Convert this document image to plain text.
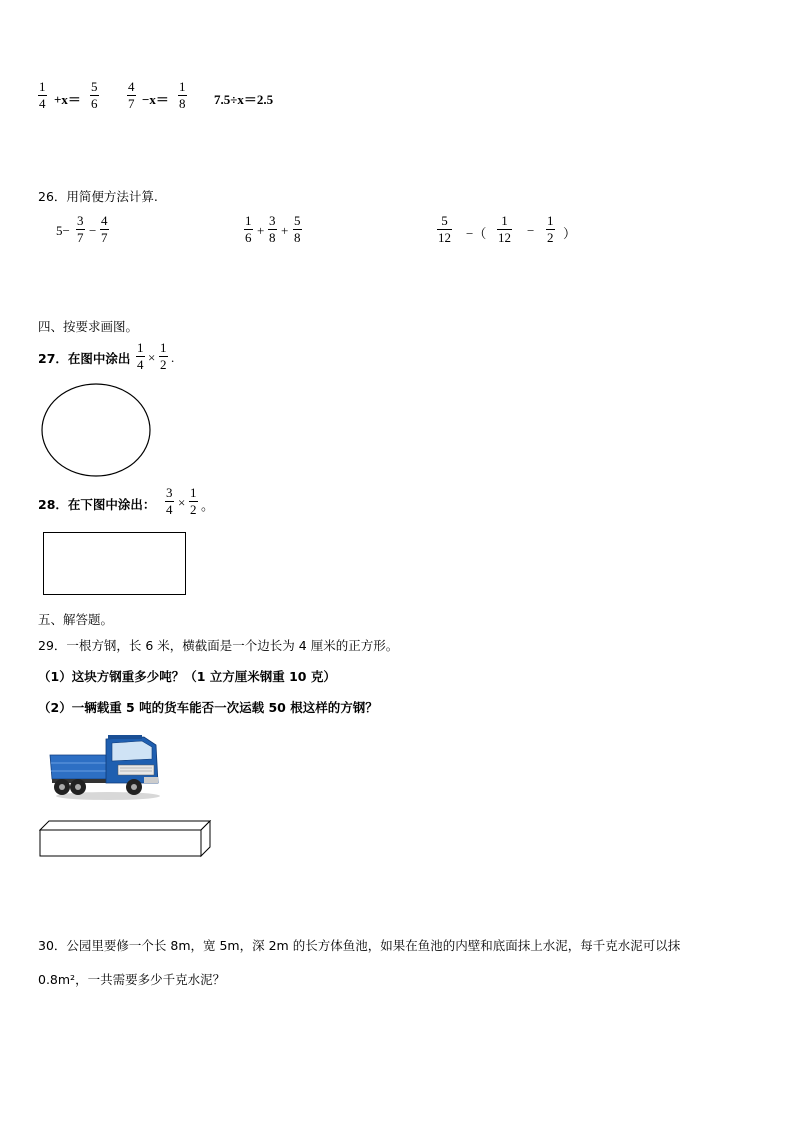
1
4 +x＝
5
6
4
7 −x＝
1
8 7.5÷x＝2.5
26．用简便方法计算.
5−
3
7 −
4
7
1
6 +
3
8 +
5
8
5
12 −（
1
12 −
1
2 ）
四、按要求画图。
27．在图中涂出
1
4 ×
1
2 .
28．在下图中涂出：
3
4 ×
1
2 。
五、解答题。
29．一根方钢，长 6 米，横截面是一个边长为 4 厘米的正方形。
（1）这块方钢重多少吨？（1 立方厘米钢重 10 克）
（2）一辆载重 5 吨的货车能否一次运载 50 根这样的方钢？
30．公园里要修一个长 8m，宽 5m，深 2m 的长方体鱼池，如果在鱼池的内壁和底面抹上水泥，每千克水泥可以抹
0.8m²，一共需要多少千克水泥？
